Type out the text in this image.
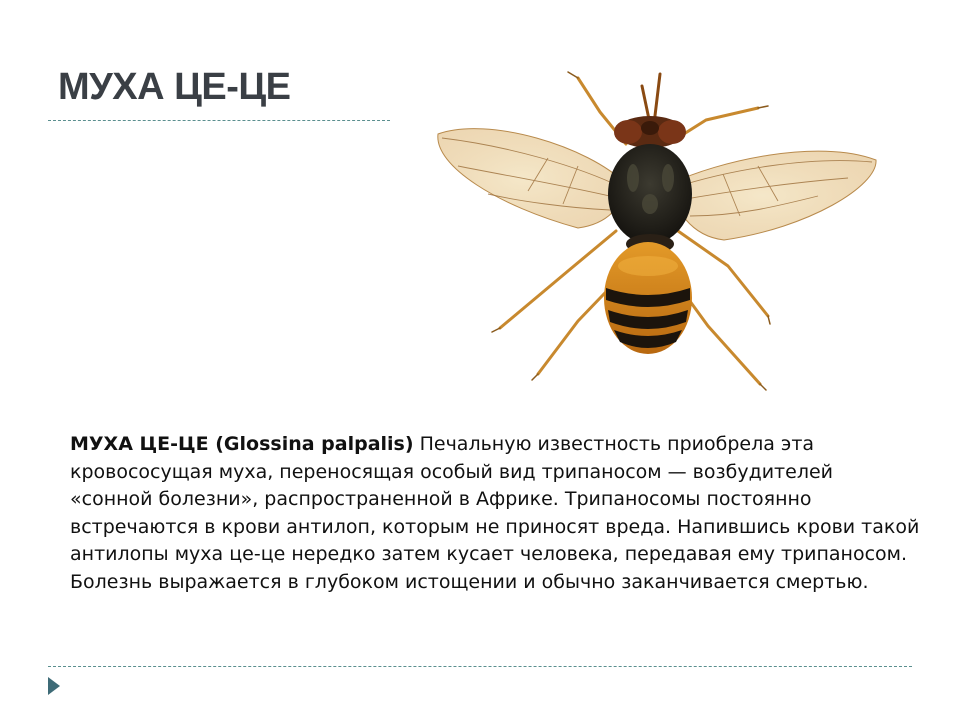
МУХА ЦЕ-ЦЕ

МУХА ЦЕ-ЦЕ (Glossina palpalis) Печальную известность приобрела эта кровососущая муха, переносящая особый вид трипаносом — возбудителей «сонной болезни», распространенной в Африке. Трипаносомы постоянно встречаются в крови антилоп, которым не приносят вреда. Напившись крови такой антилопы муха це-це нередко затем кусает человека, передавая ему трипаносом. Болезнь выражается в глубоком истощении и обычно заканчивается смертью.
